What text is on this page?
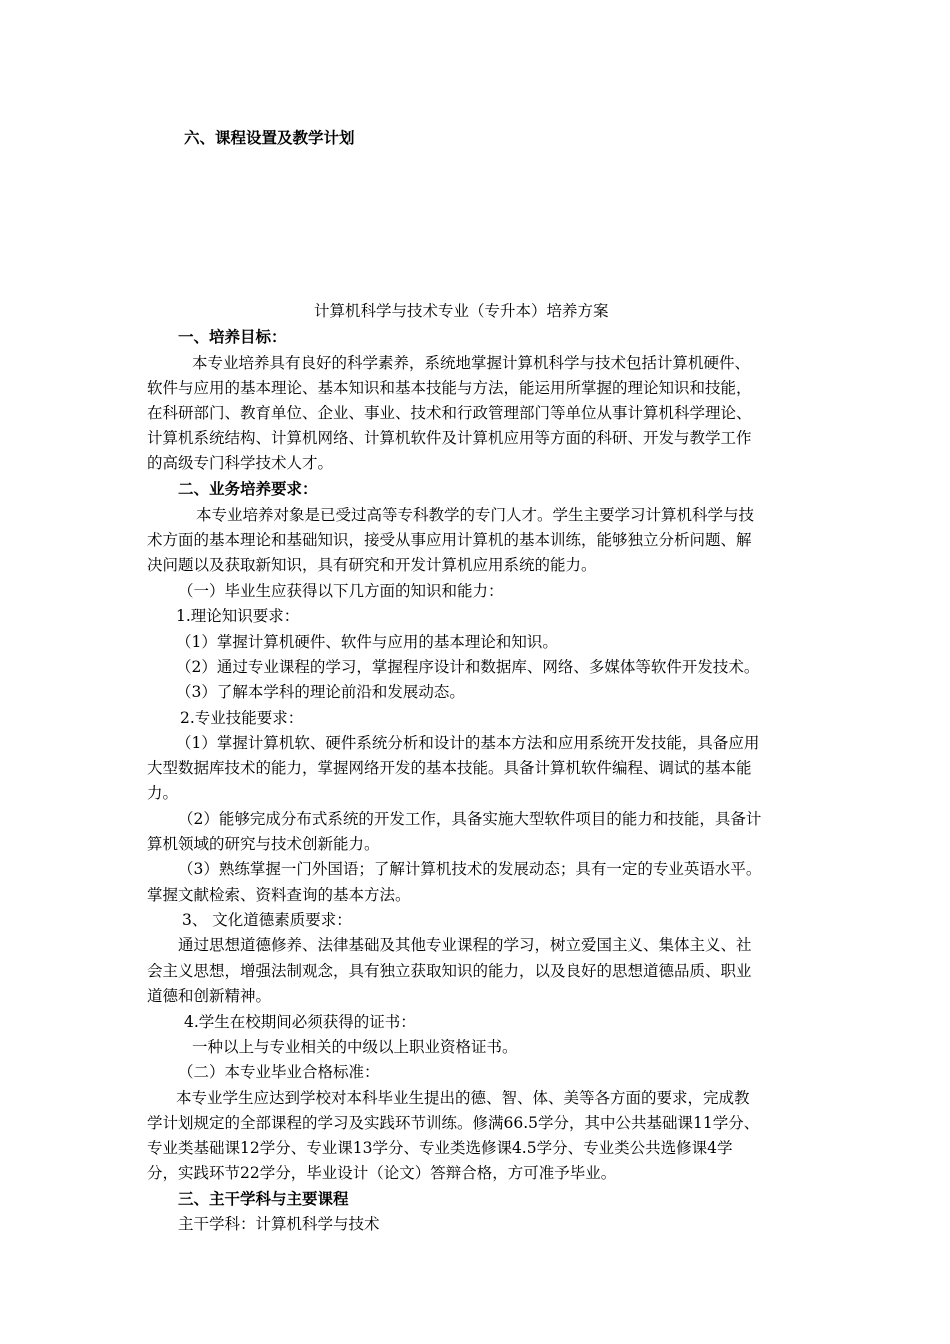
六、课程设置及教学计划

计算机科学与技术专业（专升本）培养方案

一、培养目标：

本专业培养具有良好的科学素养，系统地掌握计算机科学与技术包括计算机硬件、

软件与应用的基本理论、基本知识和基本技能与方法，能运用所掌握的理论知识和技能，

在科研部门、教育单位、企业、事业、技术和行政管理部门等单位从事计算机科学理论、

计算机系统结构、计算机网络、计算机软件及计算机应用等方面的科研、开发与教学工作

的高级专门科学技术人才。

二、业务培养要求：

本专业培养对象是已受过高等专科教学的专门人才。学生主要学习计算机科学与技

术方面的基本理论和基础知识，接受从事应用计算机的基本训练，能够独立分析问题、解

决问题以及获取新知识，具有研究和开发计算机应用系统的能力。

（一）毕业生应获得以下几方面的知识和能力：

1.理论知识要求：

（1）掌握计算机硬件、软件与应用的基本理论和知识。

（2）通过专业课程的学习，掌握程序设计和数据库、网络、多媒体等软件开发技术。

（3）了解本学科的理论前沿和发展动态。

2.专业技能要求：

（1）掌握计算机软、硬件系统分析和设计的基本方法和应用系统开发技能，具备应用

大型数据库技术的能力，掌握网络开发的基本技能。具备计算机软件编程、调试的基本能

力。

（2）能够完成分布式系统的开发工作，具备实施大型软件项目的能力和技能，具备计

算机领域的研究与技术创新能力。

（3）熟练掌握一门外国语；了解计算机技术的发展动态；具有一定的专业英语水平。

掌握文献检索、资料查询的基本方法。

3、 文化道德素质要求：

通过思想道德修养、法律基础及其他专业课程的学习，树立爱国主义、集体主义、社

会主义思想，增强法制观念，具有独立获取知识的能力，以及良好的思想道德品质、职业

道德和创新精神。

4.学生在校期间必须获得的证书：

一种以上与专业相关的中级以上职业资格证书。

（二）本专业毕业合格标准：

本专业学生应达到学校对本科毕业生提出的德、智、体、美等各方面的要求，完成教

学计划规定的全部课程的学习及实践环节训练。修满66.5学分，其中公共基础课11学分、

专业类基础课12学分、专业课13学分、专业类选修课4.5学分、专业类公共选修课4学

分，实践环节22学分，毕业设计（论文）答辩合格，方可准予毕业。

三、主干学科与主要课程

主干学科：计算机科学与技术
